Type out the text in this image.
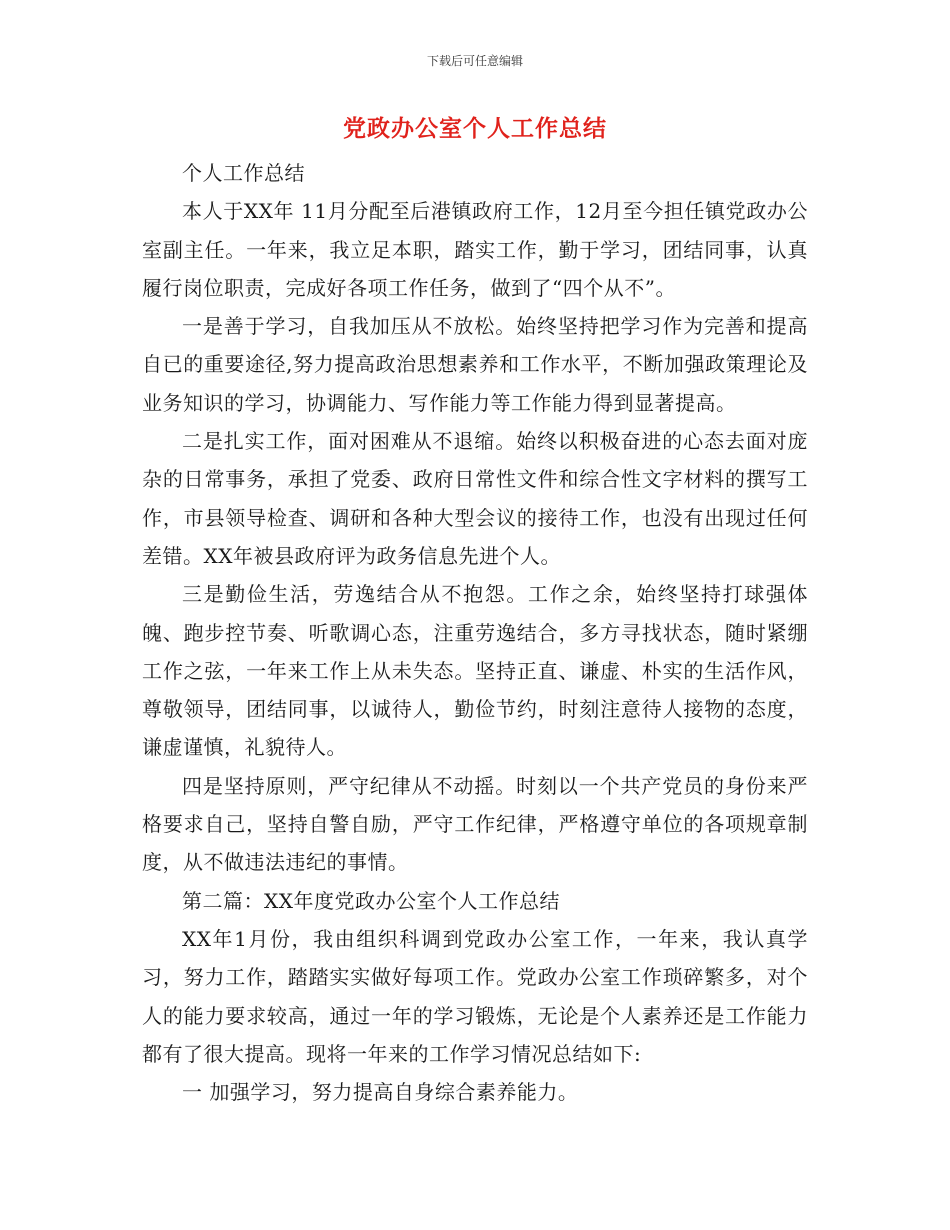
下载后可任意编辑
党政办公室个人工作总结

个人工作总结

本人于XX年 11月分配至后港镇政府工作，12月至今担任镇党政办公室副主任。一年来，我立足本职，踏实工作，勤于学习，团结同事，认真履行岗位职责，完成好各项工作任务，做到了“四个从不”。

一是善于学习，自我加压从不放松。始终坚持把学习作为完善和提高自已的重要途径,努力提高政治思想素养和工作水平，不断加强政策理论及业务知识的学习，协调能力、写作能力等工作能力得到显著提高。

二是扎实工作，面对困难从不退缩。始终以积极奋进的心态去面对庞杂的日常事务，承担了党委、政府日常性文件和综合性文字材料的撰写工作，市县领导检查、调研和各种大型会议的接待工作，也没有出现过任何差错。XX年被县政府评为政务信息先进个人。

三是勤俭生活，劳逸结合从不抱怨。工作之余，始终坚持打球强体魄、跑步控节奏、听歌调心态，注重劳逸结合，多方寻找状态，随时紧绷工作之弦，一年来工作上从未失态。坚持正直、谦虚、朴实的生活作风，尊敬领导，团结同事，以诚待人，勤俭节约，时刻注意待人接物的态度，谦虚谨慎，礼貌待人。

四是坚持原则，严守纪律从不动摇。时刻以一个共产党员的身份来严格要求自己，坚持自警自励，严守工作纪律，严格遵守单位的各项规章制度，从不做违法违纪的事情。

第二篇：XX年度党政办公室个人工作总结

XX年1月份，我由组织科调到党政办公室工作，一年来，我认真学习，努力工作，踏踏实实做好每项工作。党政办公室工作琐碎繁多，对个人的能力要求较高，通过一年的学习锻炼，无论是个人素养还是工作能力都有了很大提高。现将一年来的工作学习情况总结如下:

一 加强学习，努力提高自身综合素养能力。
